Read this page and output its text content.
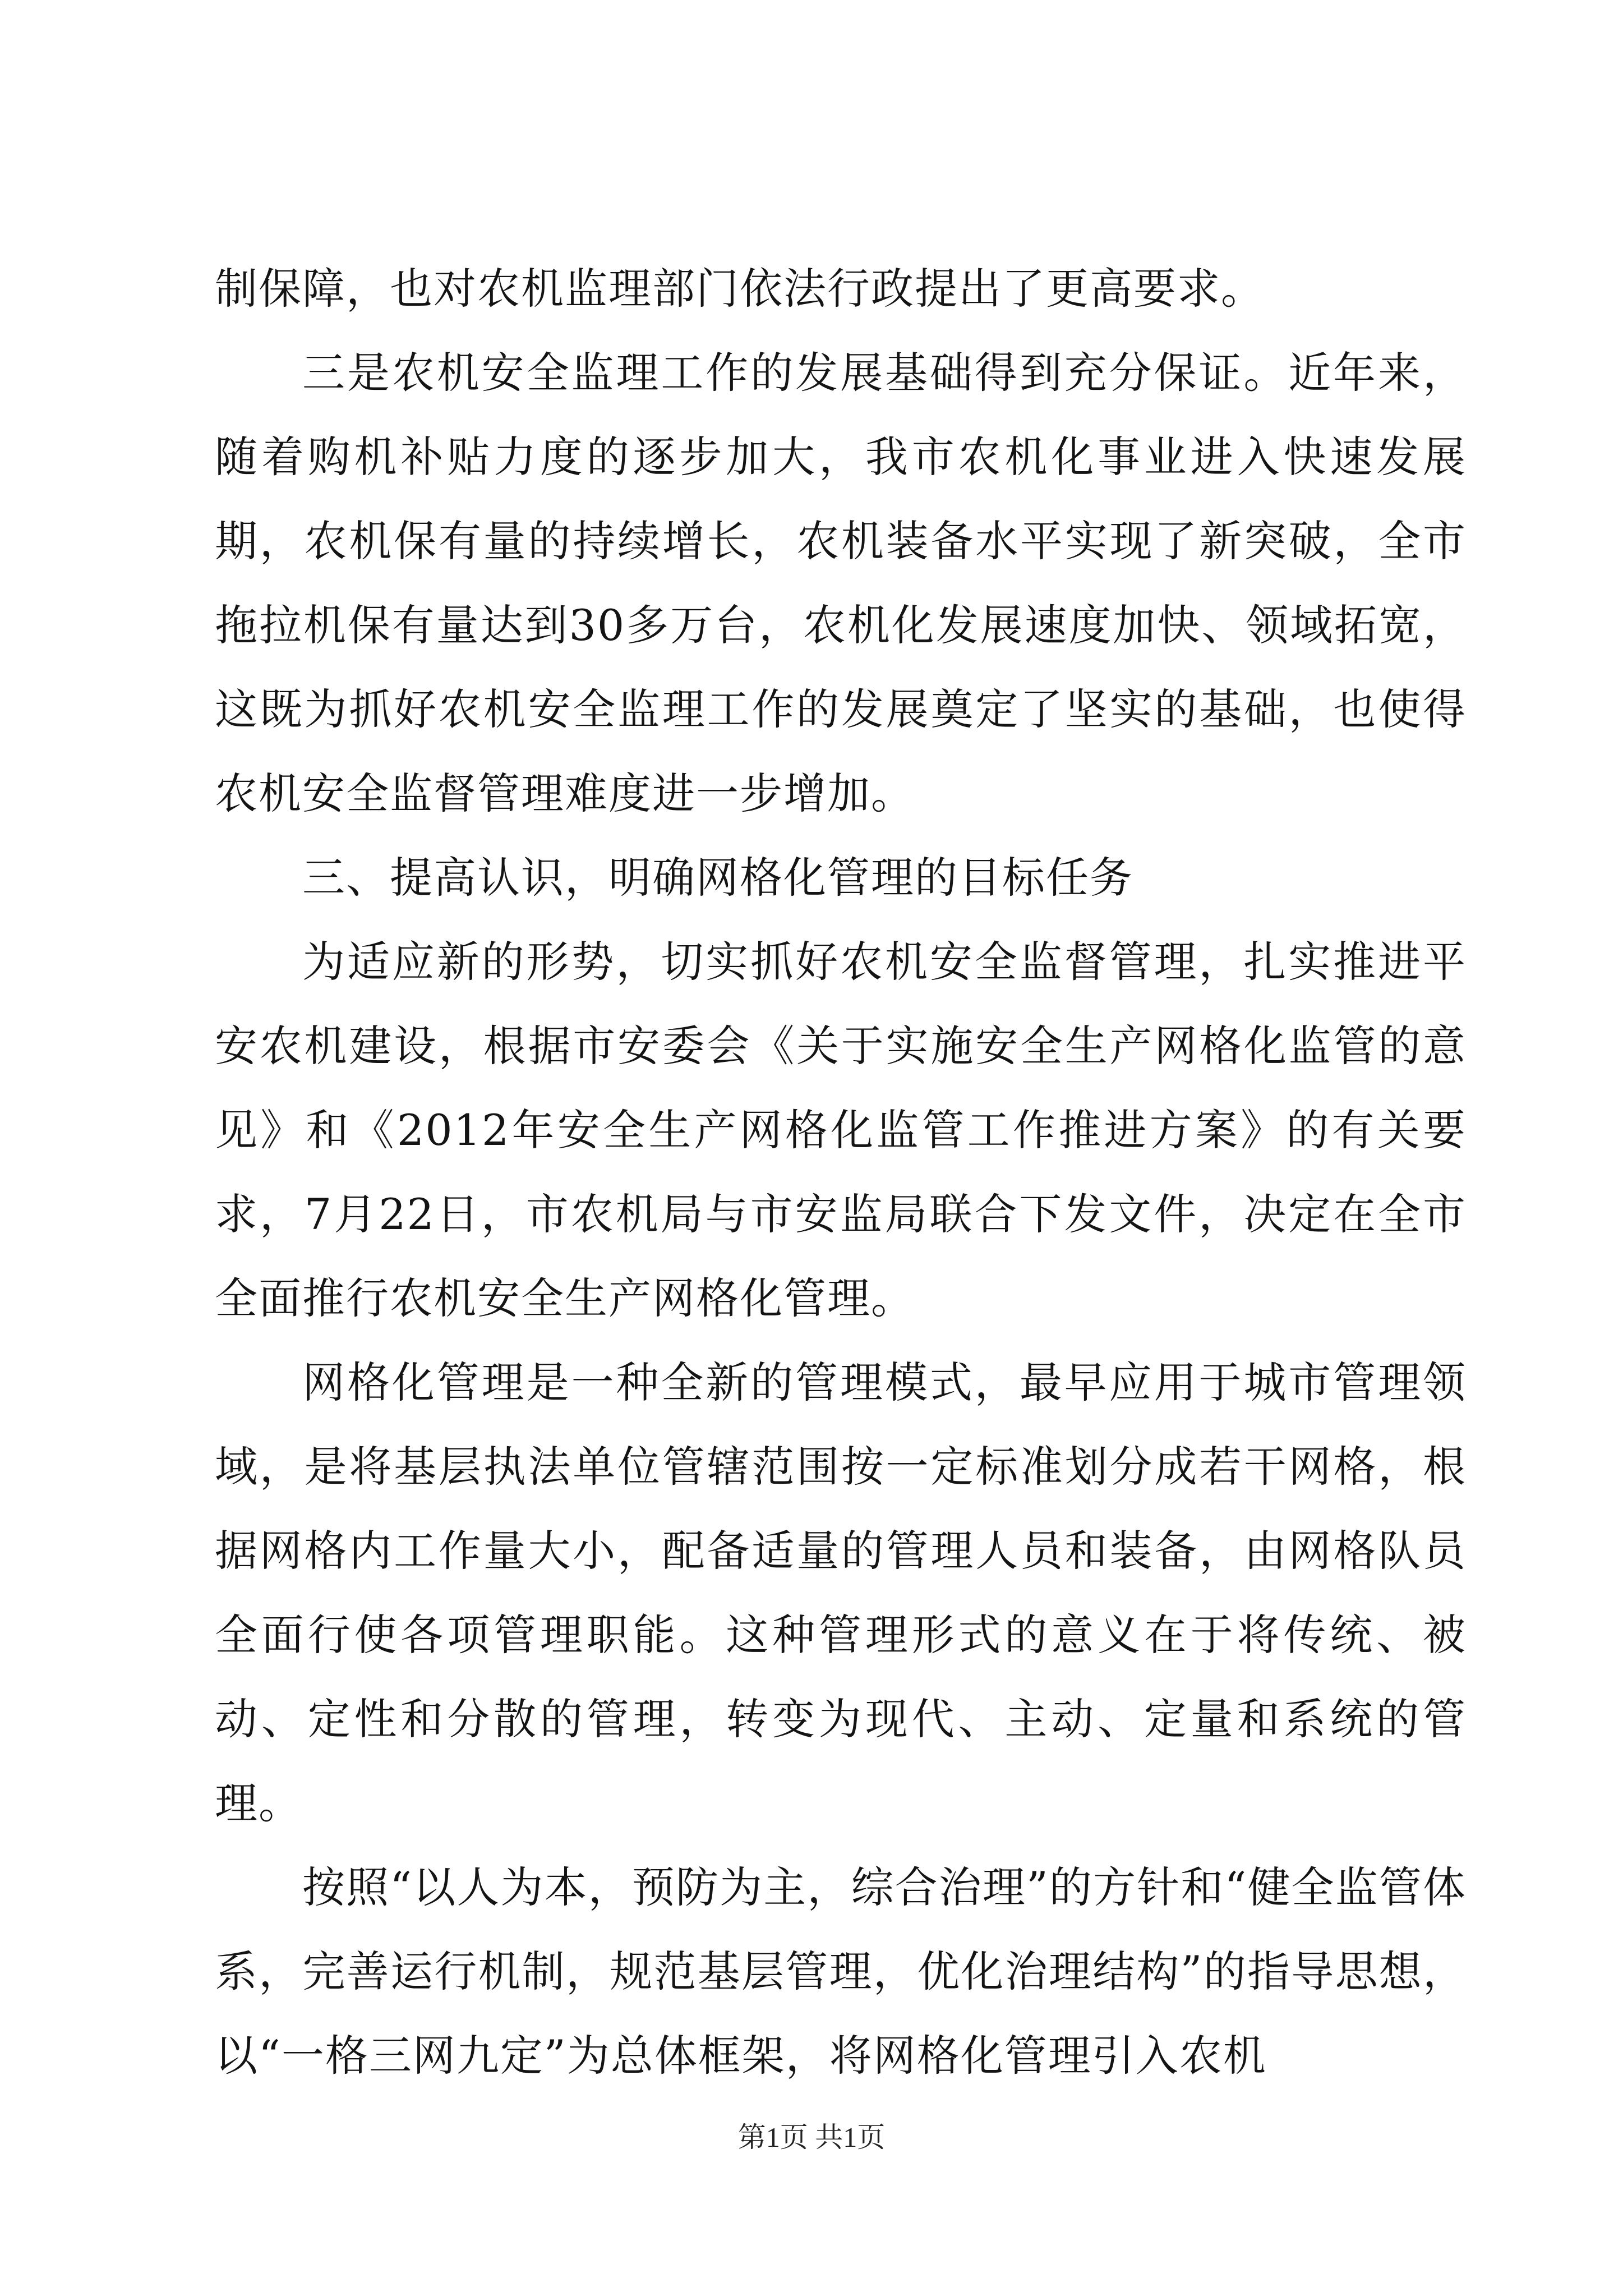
制保障，也对农机监理部门依法行政提出了更高要求。

三是农机安全监理工作的发展基础得到充分保证。近年来，随着购机补贴力度的逐步加大，我市农机化事业进入快速发展期，农机保有量的持续增长，农机装备水平实现了新突破，全市拖拉机保有量达到30多万台，农机化发展速度加快、领域拓宽，这既为抓好农机安全监理工作的发展奠定了坚实的基础，也使得农机安全监督管理难度进一步增加。

三、提高认识，明确网格化管理的目标任务

为适应新的形势，切实抓好农机安全监督管理，扎实推进平安农机建设，根据市安委会《关于实施安全生产网格化监管的意见》和《2012年安全生产网格化监管工作推进方案》的有关要求，7月22日，市农机局与市安监局联合下发文件，决定在全市全面推行农机安全生产网格化管理。

网格化管理是一种全新的管理模式，最早应用于城市管理领域，是将基层执法单位管辖范围按一定标准划分成若干网格，根据网格内工作量大小，配备适量的管理人员和装备，由网格队员全面行使各项管理职能。这种管理形式的意义在于将传统、被动、定性和分散的管理，转变为现代、主动、定量和系统的管理。

按照“以人为本，预防为主，综合治理”的方针和“健全监管体系，完善运行机制，规范基层管理，优化治理结构”的指导思想，以“一格三网九定”为总体框架，将网格化管理引入农机

第1页 共1页
